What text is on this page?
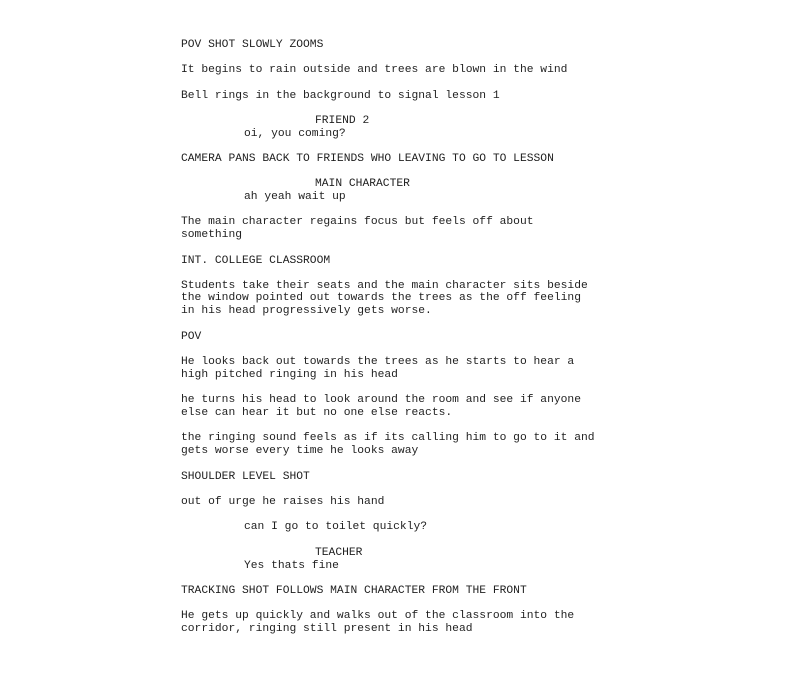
POV SHOT SLOWLY ZOOMS

It begins to rain outside and trees are blown in the wind

Bell rings in the background to signal lesson 1

FRIEND 2

oi, you coming?

CAMERA PANS BACK TO FRIENDS WHO LEAVING TO GO TO LESSON

MAIN CHARACTER

ah yeah wait up

The main character regains focus but feels off about

something

INT. COLLEGE CLASSROOM

Students take their seats and the main character sits beside

the window pointed out towards the trees as the off feeling

in his head progressively gets worse.

POV

He looks back out towards the trees as he starts to hear a

high pitched ringing in his head

he turns his head to look around the room and see if anyone

else can hear it but no one else reacts.

the ringing sound feels as if its calling him to go to it and

gets worse every time he looks away

SHOULDER LEVEL SHOT

out of urge he raises his hand

can I go to toilet quickly?

TEACHER

Yes thats fine

TRACKING SHOT FOLLOWS MAIN CHARACTER FROM THE FRONT

He gets up quickly and walks out of the classroom into the

corridor, ringing still present in his head
